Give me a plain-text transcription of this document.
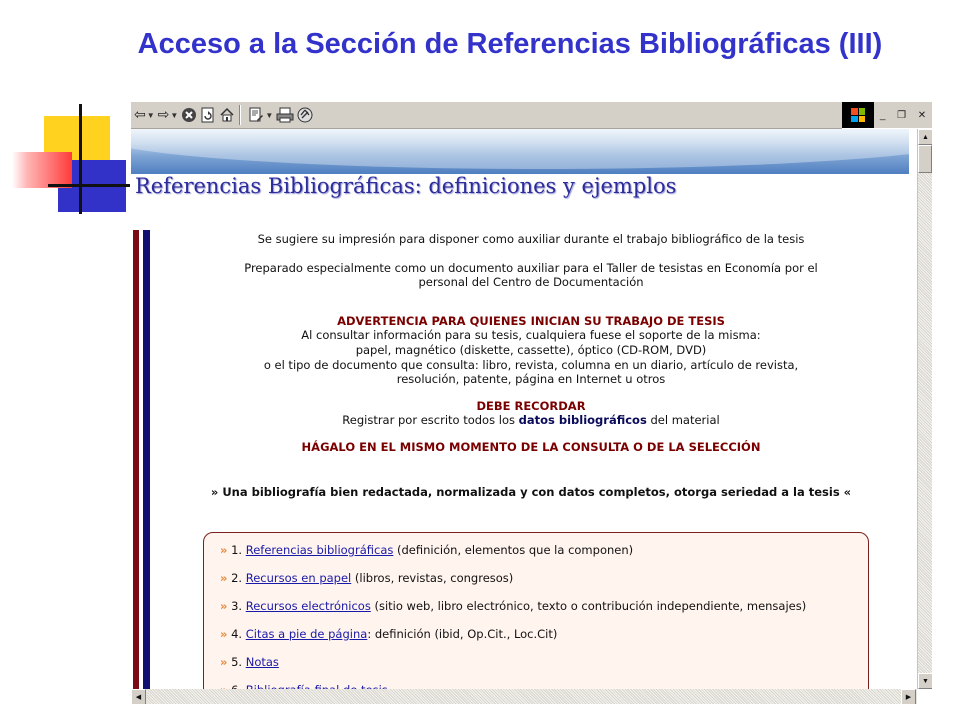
Acceso a la Sección de Referencias Bibliográficas (III)
⇦ ▼ ⇨ ▼	▼	_ ❐ ✕
Referencias Bibliográficas: definiciones y ejemplos

Se sugiere su impresión para disponer como auxiliar durante el trabajo bibliográfico de la tesis

Preparado especialmente como un documento auxiliar para el Taller de tesistas en Economía por el

personal del Centro de Documentación

ADVERTENCIA PARA QUIENES INICIAN SU TRABAJO DE TESIS

Al consultar información para su tesis, cualquiera fuese el soporte de la misma:

papel, magnético (diskette, cassette), óptico (CD-ROM, DVD)

o el tipo de documento que consulta: libro, revista, columna en un diario, artículo de revista,

resolución, patente, página en Internet u otros

DEBE RECORDAR

Registrar por escrito todos los datos bibliográficos del material

HÁGALO EN EL MISMO MOMENTO DE LA CONSULTA O DE LA SELECCIÓN

» Una bibliografía bien redactada, normalizada y con datos completos, otorga seriedad a la tesis «

» 1. Referencias bibliográficas (definición, elementos que la componen)
» 2. Recursos en papel (libros, revistas, congresos)
» 3. Recursos electrónicos (sitio web, libro electrónico, texto o contribución independiente, mensajes)
» 4. Citas a pie de página: definición (ibid, Op.Cit., Loc.Cit)
» 5. Notas
▲
▼
◀	▶
